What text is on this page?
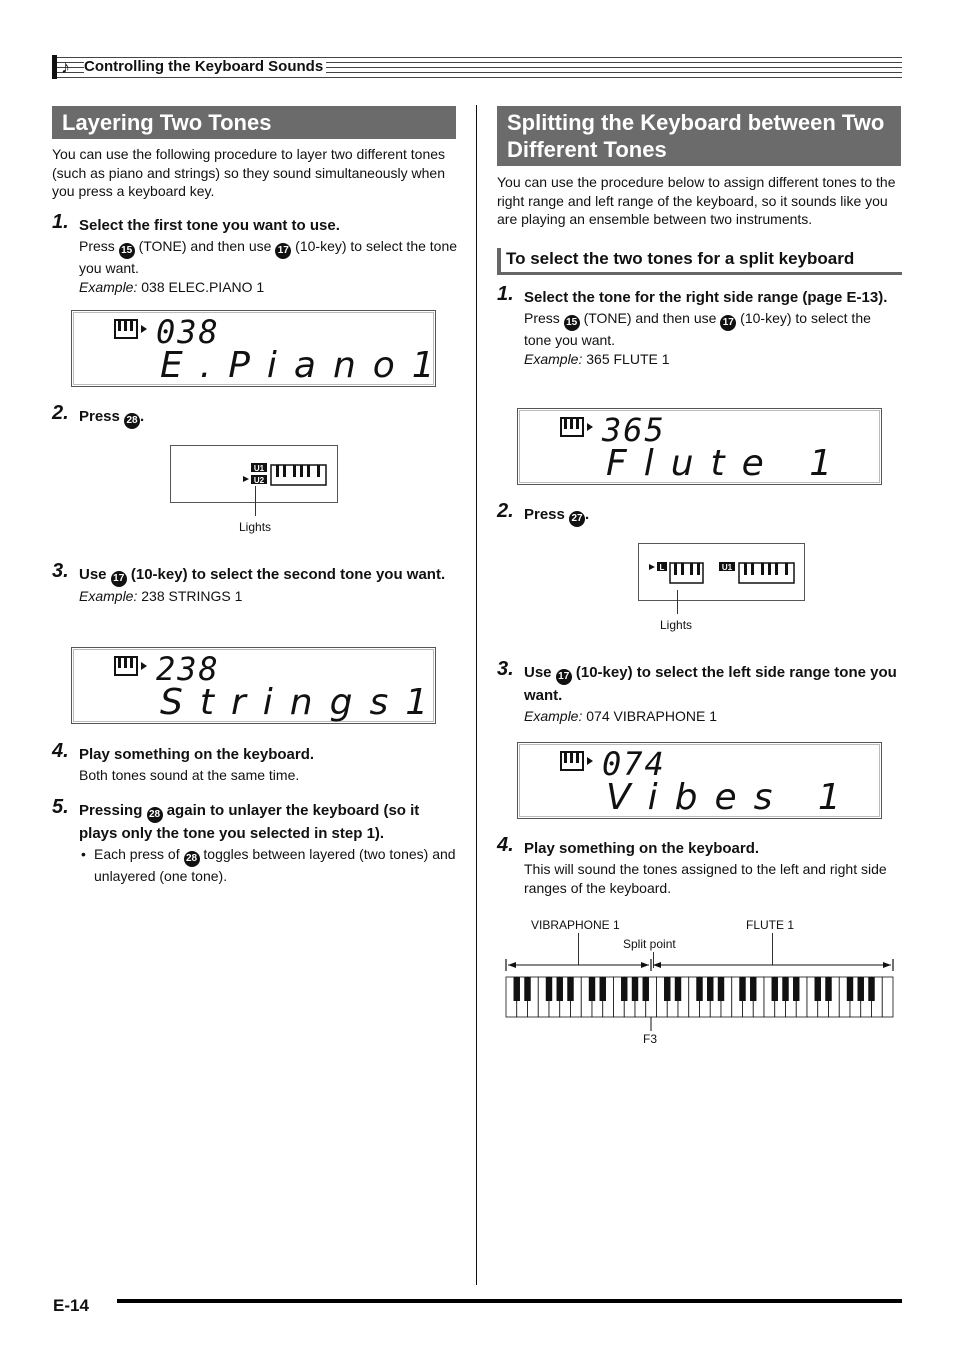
♪ Controlling the Keyboard Sounds
Layering Two Tones
You can use the following procedure to layer two different tones (such as piano and strings) so they sound simultaneously when you press a keyboard key.
1. Select the first tone you want to use.
Press 15 (TONE) and then use 17 (10-key) to select the tone you want.
Example: 038 ELEC.PIANO 1
038
E.Piano1
2. Press 28 .
U1
U2
Lights
3. Use 17 (10-key) to select the second tone you want.
Example: 238 STRINGS 1
238
Strings1
4. Play something on the keyboard.
Both tones sound at the same time.
5. Pressing 28 again to unlayer the keyboard (so it plays only the tone you selected in step 1).
• Each press of 28 toggles between layered (two tones) and unlayered (one tone).
Splitting the Keyboard between Two Different Tones
You can use the procedure below to assign different tones to the right range and left range of the keyboard, so it sounds like you are playing an ensemble between two instruments.
To select the two tones for a split keyboard
1. Select the tone for the right side range (page E-13).
Press 15 (TONE) and then use 17 (10-key) to select the tone you want.
Example: 365 FLUTE 1
365
Flute 1
2. Press 27 .
L	U1
Lights
3. Use 17 (10-key) to select the left side range tone you want.
Example: 074 VIBRAPHONE 1
074
Vibes 1
4. Play something on the keyboard.
This will sound the tones assigned to the left and right side ranges of the keyboard.
VIBRAPHONE 1	FLUTE 1
Split point
F3
E-14
